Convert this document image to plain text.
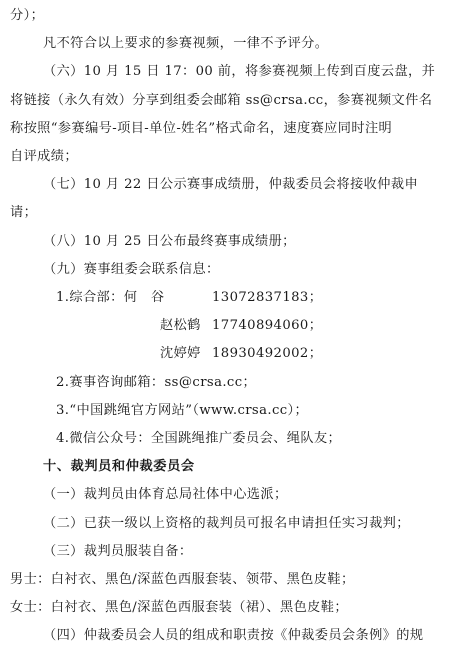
分）；
凡不符合以上要求的参赛视频，一律不予评分。
（六）10 月 15 日 17：00 前，将参赛视频上传到百度云盘，并
将链接（永久有效）分享到组委会邮箱 ss@crsa.cc，参赛视频文件名
称按照“参赛编号-项目-单位-姓名”格式命名，速度赛应同时注明
自评成绩；
（七）10 月 22 日公示赛事成绩册，仲裁委员会将接收仲裁申
请；
（八）10 月 25 日公布最终赛事成绩册；
（九）赛事组委会联系信息：
1.综合部：何　谷	13072837183；
赵松鹤 17740894060；
沈婷婷 18930492002；
2.赛事咨询邮箱：ss@crsa.cc；
3.“中国跳绳官方网站”（www.crsa.cc）；
4.微信公众号：全国跳绳推广委员会、绳队友；
十、裁判员和仲裁委员会
（一）裁判员由体育总局社体中心选派；
（二）已获一级以上资格的裁判员可报名申请担任实习裁判；
（三）裁判员服装自备：
男士：白衬衣、黑色/深蓝色西服套装、领带、黑色皮鞋；
女士：白衬衣、黑色/深蓝色西服套装（裙）、黑色皮鞋；
（四）仲裁委员会人员的组成和职责按《仲裁委员会条例》的规
